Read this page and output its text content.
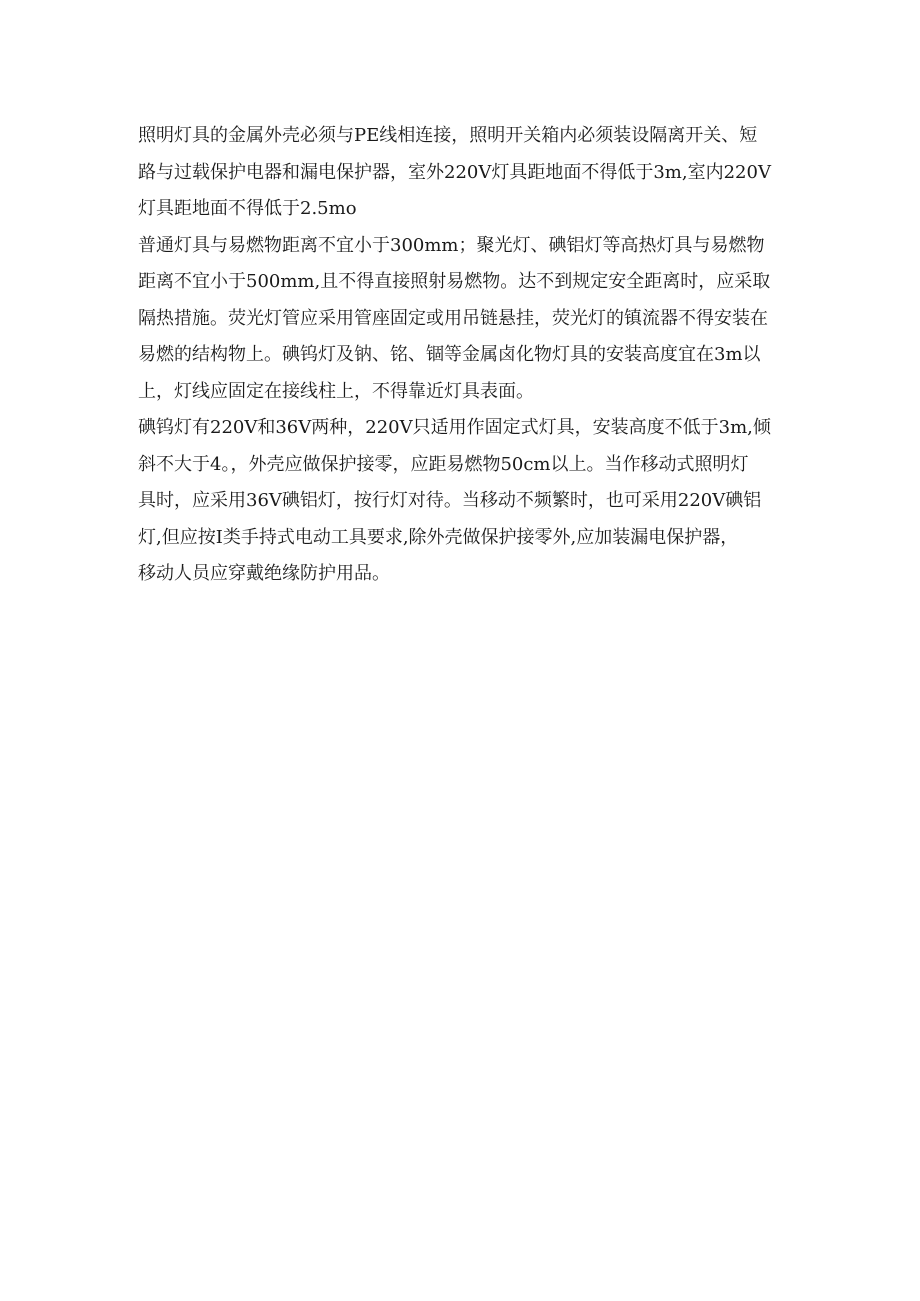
照明灯具的金属外壳必须与PE线相连接，照明开关箱内必须装设隔离开关、短
路与过载保护电器和漏电保护器，室外220V灯具距地面不得低于3m,室内220V
灯具距地面不得低于2.5mo
普通灯具与易燃物距离不宜小于300mm；聚光灯、碘铝灯等高热灯具与易燃物
距离不宜小于500mm,且不得直接照射易燃物。达不到规定安全距离时，应采取
隔热措施。荧光灯管应采用管座固定或用吊链悬挂，荧光灯的镇流器不得安装在
易燃的结构物上。碘钨灯及钠、铭、锢等金属卤化物灯具的安装高度宜在3m以
上，灯线应固定在接线柱上，不得靠近灯具表面。
碘钨灯有220V和36V两种，220V只适用作固定式灯具，安装高度不低于3m,倾
斜不大于4。，外壳应做保护接零，应距易燃物50cm以上。当作移动式照明灯
具时，应采用36V碘铝灯，按行灯对待。当移动不频繁时，也可采用220V碘铝
灯,但应按I类手持式电动工具要求,除外壳做保护接零外,应加装漏电保护器，
移动人员应穿戴绝缘防护用品。
